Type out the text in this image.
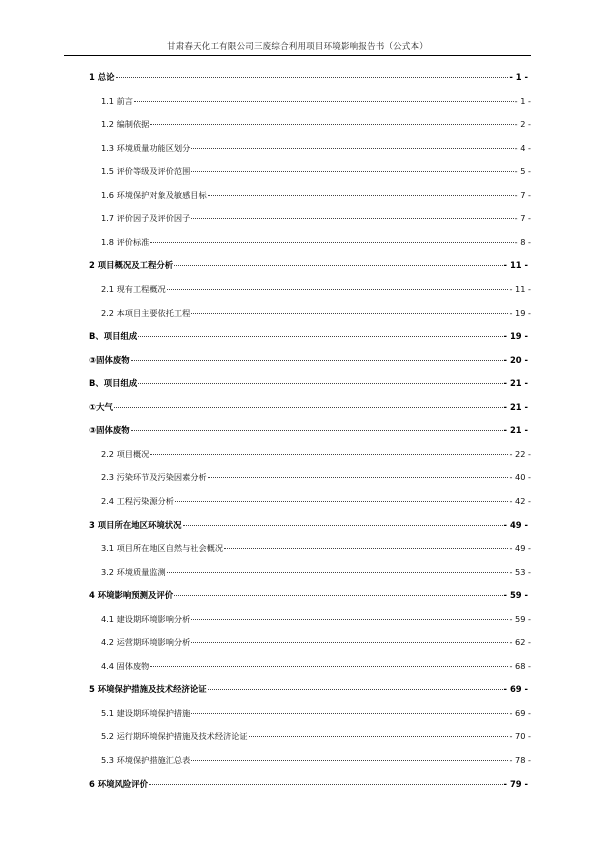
甘肃春天化工有限公司三废综合利用项目环境影响报告书（公式本）
1 总论	- 1 -
1.1 前言	- 1 -
1.2 编制依据	- 2 -
1.3 环境质量功能区划分	- 4 -
1.5 评价等级及评价范围	- 5 -
1.6 环境保护对象及敏感目标	- 7 -
1.7 评价因子及评价因子	- 7 -
1.8 评价标准	- 8 -
2 项目概况及工程分析	- 11 -
2.1 现有工程概况	- 11 -
2.2 本项目主要依托工程	- 19 -
B、项目组成	- 19 -
③固体废物	- 20 -
B、项目组成	- 21 -
①大气	- 21 -
③固体废物	- 21 -
2.2 项目概况	- 22 -
2.3 污染环节及污染因素分析	- 40 -
2.4 工程污染源分析	- 42 -
3 项目所在地区环境状况	- 49 -
3.1 项目所在地区自然与社会概况	- 49 -
3.2 环境质量监测	- 53 -
4 环境影响预测及评价	- 59 -
4.1 建设期环境影响分析	- 59 -
4.2 运营期环境影响分析	- 62 -
4.4 固体废物	- 68 -
5 环境保护措施及技术经济论证	- 69 -
5.1 建设期环境保护措施	- 69 -
5.2 运行期环境保护措施及技术经济论证	- 70 -
5.3 环境保护措施汇总表	- 78 -
6 环境风险评价	- 79 -
